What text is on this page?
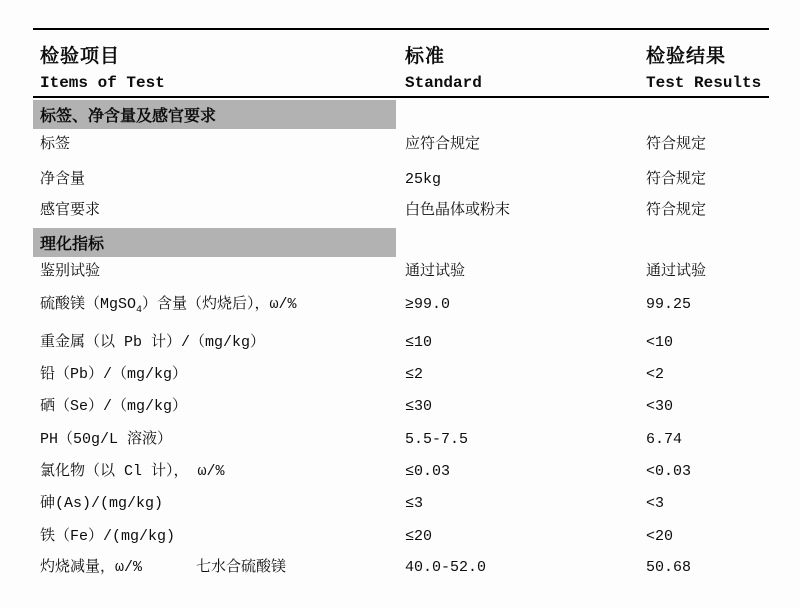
检验项目	标准	检验结果
Items of Test	Standard	Test Results
标签、净含量及感官要求
标签	应符合规定	符合规定
净含量	25kg	符合规定
感官要求	白色晶体或粉末	符合规定
理化指标
鉴别试验	通过试验	通过试验
硫酸镁（MgSO$_4$）含量（灼烧后），ω/%	≥99.0	99.25
重金属（以 Pb 计）/（mg/kg）	≤10	<10
铅（Pb）/（mg/kg）	≤2	<2
硒（Se）/（mg/kg）	≤30	<30
PH（50g/L 溶液）	5.5-7.5	6.74
氯化物（以 Cl 计）， ω/%	≤0.03	<0.03
砷(As)/(mg/kg)	≤3	<3
铁（Fe）/(mg/kg)	≤20	<20
灼烧减量，ω/%      七水合硫酸镁	40.0-52.0	50.68
